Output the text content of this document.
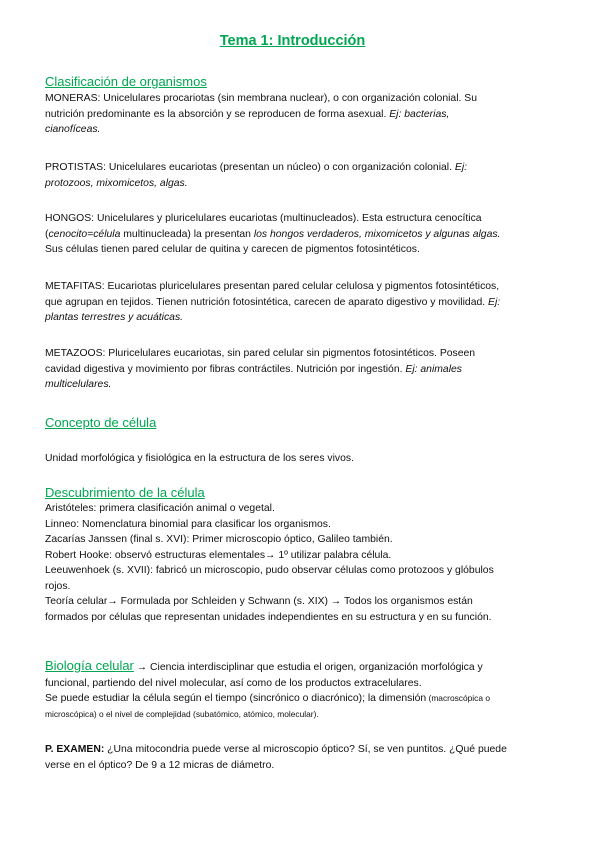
Tema 1: Introducción
Clasificación de organismos
MONERAS: Unicelulares procariotas (sin membrana nuclear), o con organización colonial. Su
nutrición predominante es la absorción y se reproducen de forma asexual. Ej: bacterias,
cianofíceas.
PROTISTAS: Unicelulares eucariotas (presentan un núcleo) o con organización colonial. Ej:
protozoos, mixomicetos, algas.
HONGOS: Unicelulares y pluricelulares eucariotas (multinucleados). Esta estructura cenocítica
(cenocito=célula multinucleada) la presentan los hongos verdaderos, mixomicetos y algunas algas.
Sus células tienen pared celular de quitina y carecen de pigmentos fotosintéticos.
METAFITAS: Eucariotas pluricelulares presentan pared celular celulosa y pigmentos fotosintéticos,
que agrupan en tejidos. Tienen nutrición fotosintética, carecen de aparato digestivo y movilidad. Ej:
plantas terrestres y acuáticas.
METAZOOS: Pluricelulares eucariotas, sin pared celular sin pigmentos fotosintéticos. Poseen
cavidad digestiva y movimiento por fibras contráctiles. Nutrición por ingestión. Ej: animales
multicelulares.
Concepto de célula
Unidad morfológica y fisiológica en la estructura de los seres vivos.
Descubrimiento de la célula
Aristóteles: primera clasificación animal o vegetal.
Linneo: Nomenclatura binomial para clasificar los organismos.
Zacarías Janssen (final s. XVI): Primer microscopio óptico, Galileo también.
Robert Hooke: observó estructuras elementales→ 1º utilizar palabra célula.
Leeuwenhoek (s. XVII): fabricó un microscopio, pudo observar células como protozoos y glóbulos
rojos.
Teoría celular→ Formulada por Schleiden y Schwann (s. XIX) → Todos los organismos están
formados por células que representan unidades independientes en su estructura y en su función.
Biología celular → Ciencia interdisciplinar que estudia el origen, organización morfológica y
funcional, partiendo del nivel molecular, así como de los productos extracelulares.
Se puede estudiar la célula según el tiempo (sincrónico o diacrónico); la dimensión (macroscópica o
microscópica) o el nivel de complejidad (subatómico, atómico, molecular).
P. EXAMEN: ¿Una mitocondria puede verse al microscopio óptico? Sí, se ven puntitos. ¿Qué puede
verse en el óptico? De 9 a 12 micras de diámetro.
